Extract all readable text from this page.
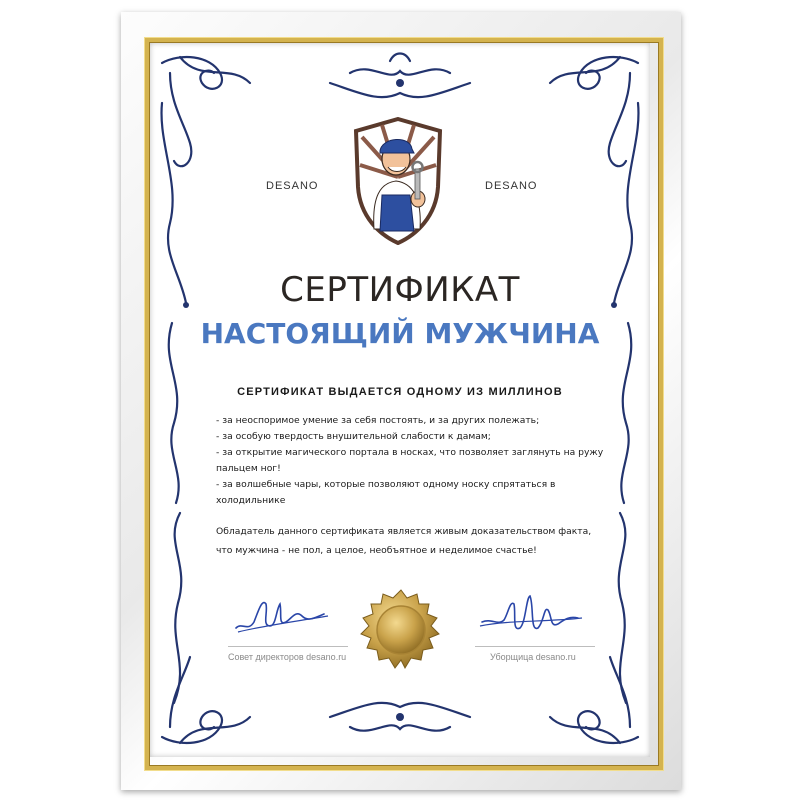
DESANO	DESANO
СЕРТИФИКАТ
НАСТОЯЩИЙ МУЖЧИНА
СЕРТИФИКАТ ВЫДАЕТСЯ ОДНОМУ ИЗ МИЛЛИНОВ
- за неоспоримое умение за себя постоять, и за других полежать;
- за особую твердость внушительной слабости к дамам;
- за открытие магического портала в носках, что позволяет заглянуть на ружу
пальцем ног!
- за волшебные чары, которые позволяют одному носку спрятаться в
холодильнике
Обладатель данного сертификата является живым доказательством факта,
что мужчина - не пол, а целое, необъятное и неделимое счастье!
Совет директоров desano.ru	Уборщица desano.ru
